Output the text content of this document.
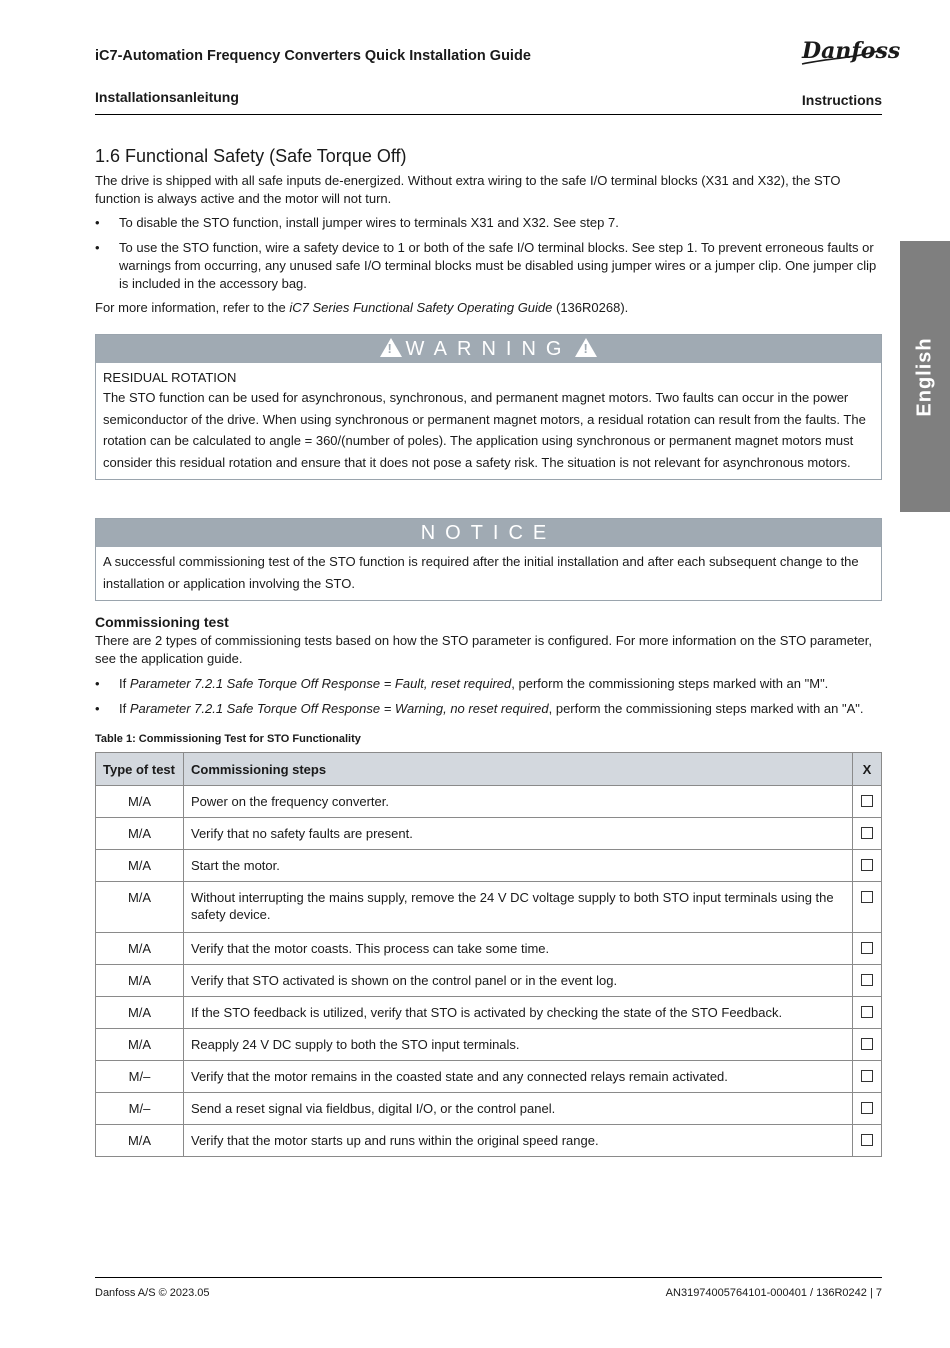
iC7-Automation Frequency Converters Quick Installation Guide	Danfoss
Installationsanleitung	Instructions
English
1.6 Functional Safety (Safe Torque Off)
The drive is shipped with all safe inputs de-energized. Without extra wiring to the safe I/O terminal blocks (X31 and X32), the STO function is always active and the motor will not turn.
•	To disable the STO function, install jumper wires to terminals X31 and X32. See step 7.
•	To use the STO function, wire a safety device to 1 or both of the safe I/O terminal blocks. See step 1. To prevent erroneous faults or warnings from occurring, any unused safe I/O terminal blocks must be disabled using jumper wires or a jumper clip. One jumper clip is included in the accessory bag.
For more information, refer to the iC7 Series Functional Safety Operating Guide (136R0268).
!WARNING!
RESIDUAL ROTATION
The STO function can be used for asynchronous, synchronous, and permanent magnet motors. Two faults can occur in the power semiconductor of the drive. When using synchronous or permanent magnet motors, a residual rotation can result from the faults. The rotation can be calculated to angle = 360/(number of poles). The application using synchronous or permanent magnet motors must consider this residual rotation and ensure that it does not pose a safety risk. The situation is not relevant for asynchronous motors.
NOTICE
A successful commissioning test of the STO function is required after the initial installation and after each subsequent change to the installation or application involving the STO.
Commissioning test
There are 2 types of commissioning tests based on how the STO parameter is configured. For more information on the STO parameter, see the application guide.
•	If Parameter 7.2.1 Safe Torque Off Response = Fault, reset required, perform the commissioning steps marked with an "M".
•	If Parameter 7.2.1 Safe Torque Off Response = Warning, no reset required, perform the commissioning steps marked with an "A".
Table 1: Commissioning Test for STO Functionality
Type of test	Commissioning steps	X
M/A	Power on the frequency converter.	
M/A	Verify that no safety faults are present.	
M/A	Start the motor.	
M/A	Without interrupting the mains supply, remove the 24 V DC voltage supply to both STO input terminals using the safety device.	
M/A	Verify that the motor coasts. This process can take some time.	
M/A	Verify that STO activated is shown on the control panel or in the event log.	
M/A	If the STO feedback is utilized, verify that STO is activated by checking the state of the STO Feedback.	
M/A	Reapply 24 V DC supply to both the STO input terminals.	
M/–	Verify that the motor remains in the coasted state and any connected relays remain activated.	
M/–	Send a reset signal via fieldbus, digital I/O, or the control panel.	
M/A	Verify that the motor starts up and runs within the original speed range.	
Danfoss A/S © 2023.05	AN31974005764101-000401 / 136R0242 | 7
